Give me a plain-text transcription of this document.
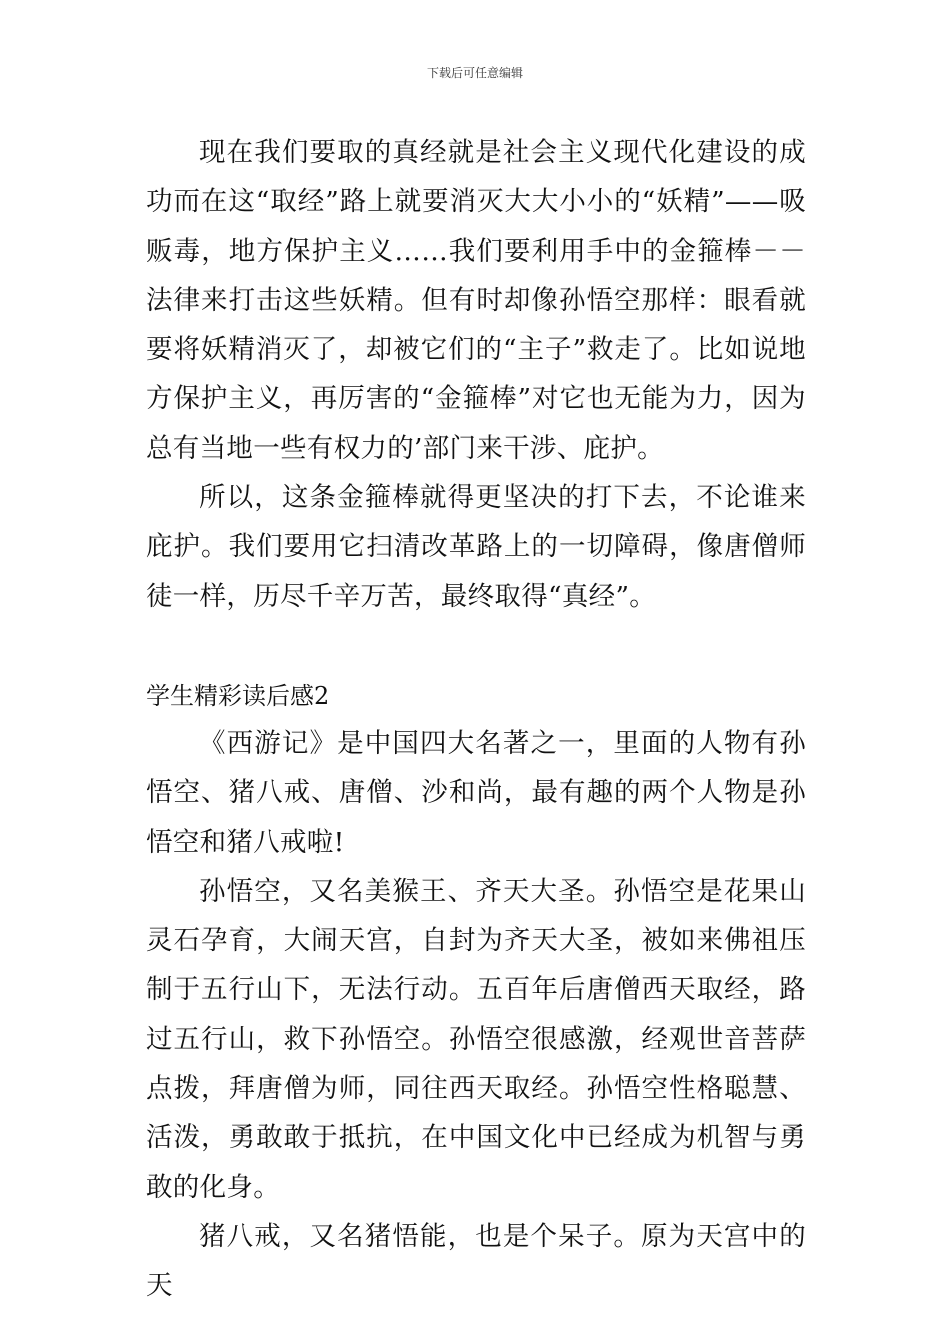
下载后可任意编辑

现在我们要取的真经就是社会主义现代化建设的成功而在这“取经”路上就要消灭大大小小的“妖精”——吸贩毒，地方保护主义……我们要利用手中的金箍棒－－法律来打击这些妖精。但有时却像孙悟空那样：眼看就要将妖精消灭了，却被它们的“主子”救走了。比如说地方保护主义，再厉害的“金箍棒”对它也无能为力，因为总有当地一些有权力的’部门来干涉、庇护。

所以，这条金箍棒就得更坚决的打下去，不论谁来庇护。我们要用它扫清改革路上的一切障碍，像唐僧师徒一样，历尽千辛万苦，最终取得“真经”。

学生精彩读后感2

《西游记》是中国四大名著之一，里面的人物有孙悟空、猪八戒、唐僧、沙和尚，最有趣的两个人物是孙悟空和猪八戒啦!

孙悟空，又名美猴王、齐天大圣。孙悟空是花果山灵石孕育，大闹天宫，自封为齐天大圣，被如来佛祖压制于五行山下，无法行动。五百年后唐僧西天取经，路过五行山，救下孙悟空。孙悟空很感激，经观世音菩萨点拨，拜唐僧为师，同往西天取经。孙悟空性格聪慧、活泼，勇敢敢于抵抗，在中国文化中已经成为机智与勇敢的化身。

猪八戒，又名猪悟能，也是个呆子。原为天宫中的天
